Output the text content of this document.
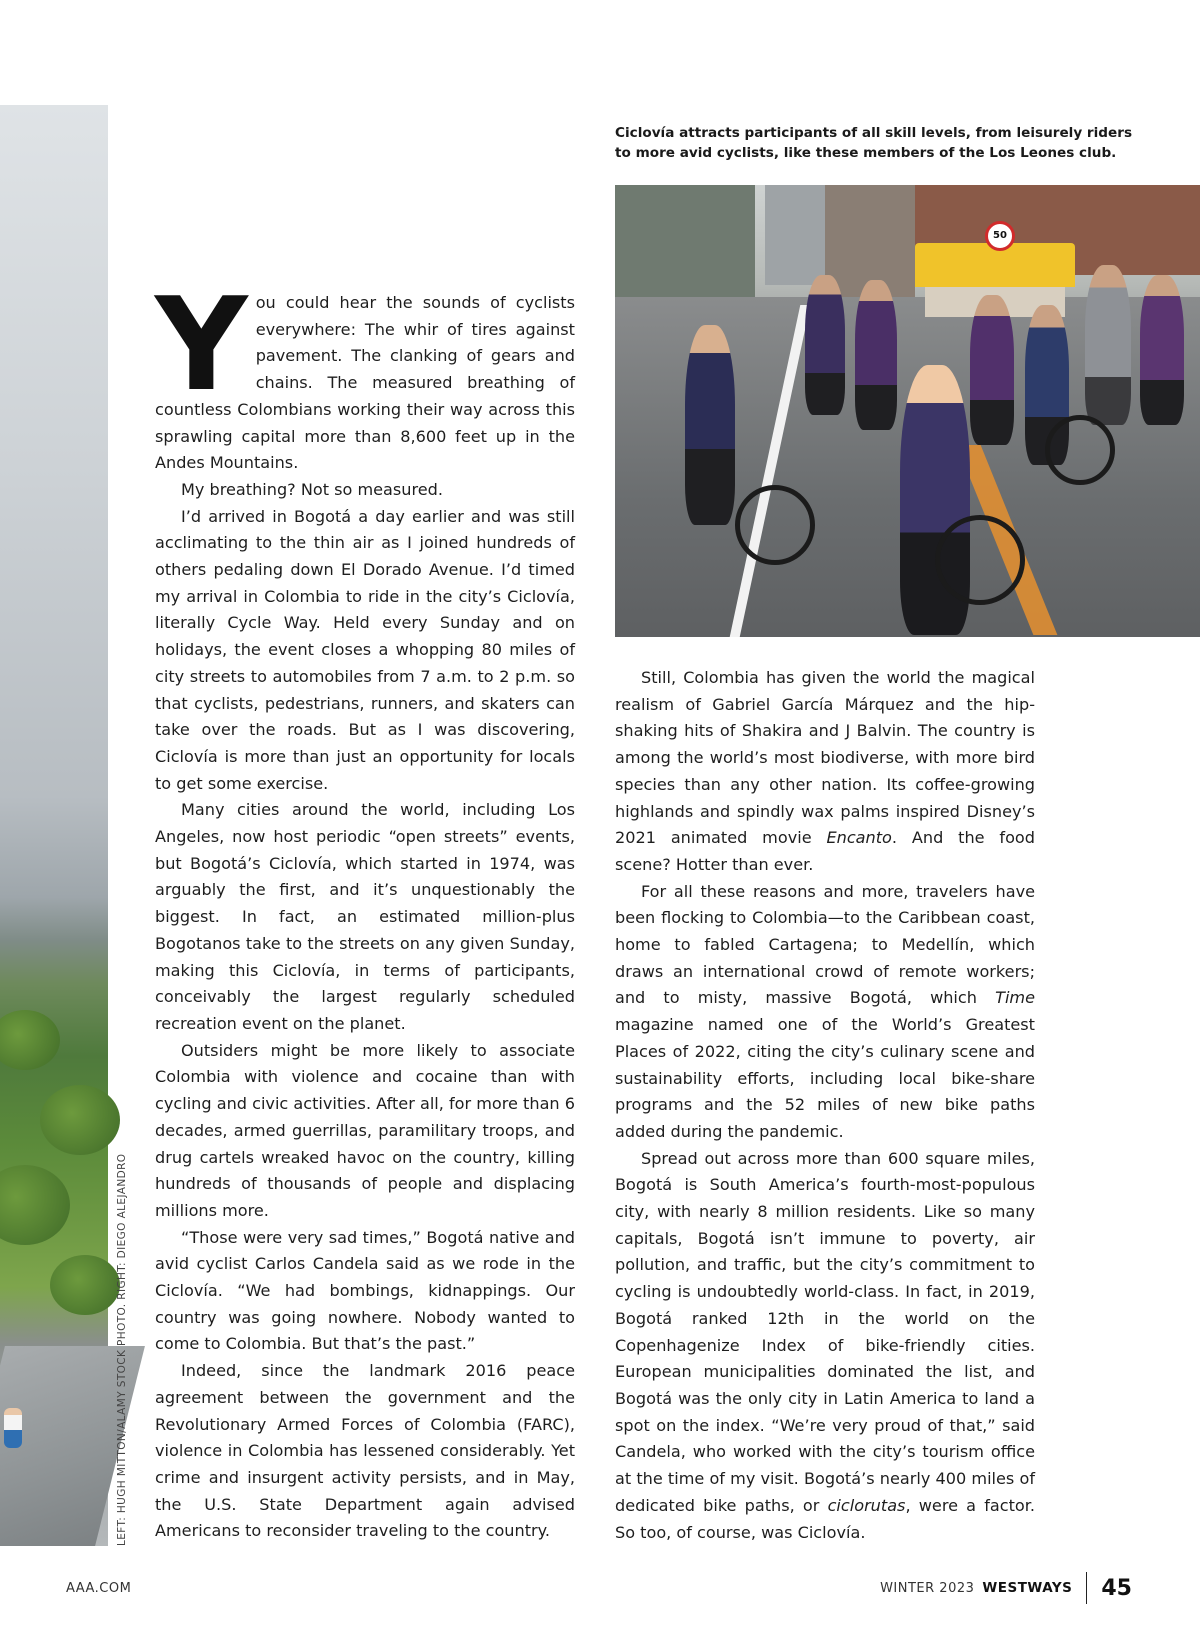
LEFT: HUGH MITTON/ALAMY STOCK PHOTO. RIGHT: DIEGO ALEJANDRO
Ciclovía attracts participants of all skill levels, from leisurely riders to more avid cyclists, like these members of the Los Leones club.
50

You could hear the sounds of cyclists everywhere: The whir of tires against pavement. The clanking of gears and chains. The measured breathing of countless Colombians working their way across this sprawling capital more than 8,600 feet up in the Andes Mountains.

My breathing? Not so measured.

I’d arrived in Bogotá a day earlier and was still acclimating to the thin air as I joined hundreds of others pedaling down El Dorado Avenue. I’d timed my arrival in Colombia to ride in the city’s Ciclovía, literally Cycle Way. Held every Sunday and on holidays, the event closes a whopping 80 miles of city streets to automobiles from 7 a.m. to 2 p.m. so that cyclists, pedestrians, runners, and skaters can take over the roads. But as I was discovering, Ciclovía is more than just an opportunity for locals to get some exercise.

Many cities around the world, including Los Angeles, now host periodic “open streets” events, but Bogotá’s Ciclovía, which started in 1974, was arguably the first, and it’s unquestionably the biggest. In fact, an estimated million-plus Bogotanos take to the streets on any given Sunday, making this Ciclovía, in terms of participants, conceivably the largest regularly scheduled recreation event on the planet.

Outsiders might be more likely to associate Colombia with violence and cocaine than with cycling and civic activities. After all, for more than 6 decades, armed guerrillas, paramilitary troops, and drug cartels wreaked havoc on the country, killing hundreds of thousands of people and displacing millions more.

“Those were very sad times,” Bogotá native and avid cyclist Carlos Candela said as we rode in the Ciclovía. “We had bombings, kidnappings. Our country was going nowhere. Nobody wanted to come to Colombia. But that’s the past.”

Indeed, since the landmark 2016 peace agreement between the government and the Revolutionary Armed Forces of Colombia (FARC), violence in Colombia has lessened considerably. Yet crime and insurgent activity persists, and in May, the U.S. State Department again advised Americans to reconsider traveling to the country.

Still, Colombia has given the world the magical realism of Gabriel García Márquez and the hip-shaking hits of Shakira and J Balvin. The country is among the world’s most biodiverse, with more bird species than any other nation. Its coffee-growing highlands and spindly wax palms inspired Disney’s 2021 animated movie Encanto. And the food scene? Hotter than ever.

For all these reasons and more, travelers have been flocking to Colombia—to the Caribbean coast, home to fabled Cartagena; to Medellín, which draws an international crowd of remote workers; and to misty, massive Bogotá, which Time magazine named one of the World’s Greatest Places of 2022, citing the city’s culinary scene and sustainability efforts, including local bike-share programs and the 52 miles of new bike paths added during the pandemic.

Spread out across more than 600 square miles, Bogotá is South America’s fourth-most-populous city, with nearly 8 million residents. Like so many capitals, Bogotá isn’t immune to poverty, air pollution, and traffic, but the city’s commitment to cycling is undoubtedly world-class. In fact, in 2019, Bogotá ranked 12th in the world on the Copenhagenize Index of bike-friendly cities. European municipalities dominated the list, and Bogotá was the only city in Latin America to land a spot on the index. “We’re very proud of that,” said Candela, who worked with the city’s tourism office at the time of my visit. Bogotá’s nearly 400 miles of dedicated bike paths, or ciclorutas, were a factor. So too, of course, was Ciclovía.

AAA.COM	WINTER 2023 WESTWAYS 45
